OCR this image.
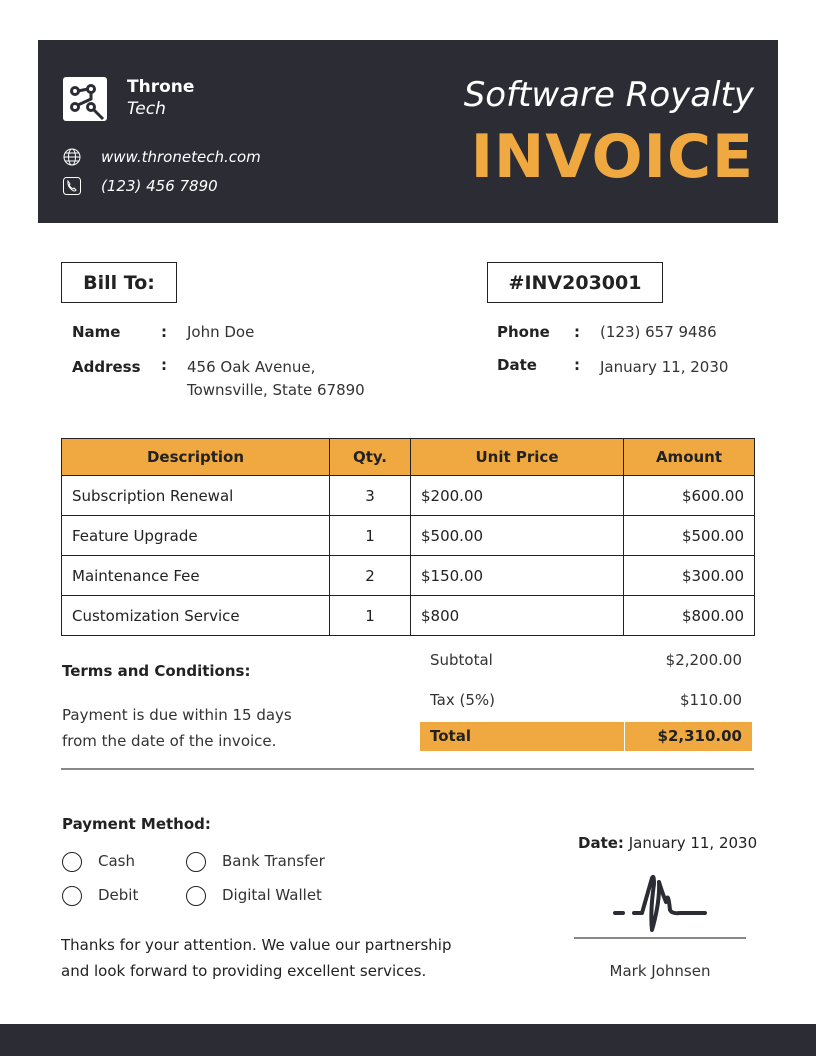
Throne
Tech
www.thronetech.com
(123) 456 7890
Software Royalty
INVOICE
Bill To:	#INV203001
Name	: John Doe
Address : 456 Oak Avenue,
Townsville, State 67890
Phone : (123) 657 9486
Date : January 11, 2030
Description	Qty.	Unit Price	Amount
Subscription Renewal	3	$200.00	$600.00
Feature Upgrade	1	$500.00	$500.00
Maintenance Fee	2	$150.00	$300.00
Customization Service	1	$800	$800.00
Terms and Conditions:
Payment is due within 15 days
from the date of the invoice.
Subtotal	$2,200.00
Tax (5%)	$110.00
Total	$2,310.00
Payment Method:
Cash	Bank Transfer
Debit	Digital Wallet
Thanks for your attention. We value our partnership
and look forward to providing excellent services.
Date: January 11, 2030
Mark Johnsen
